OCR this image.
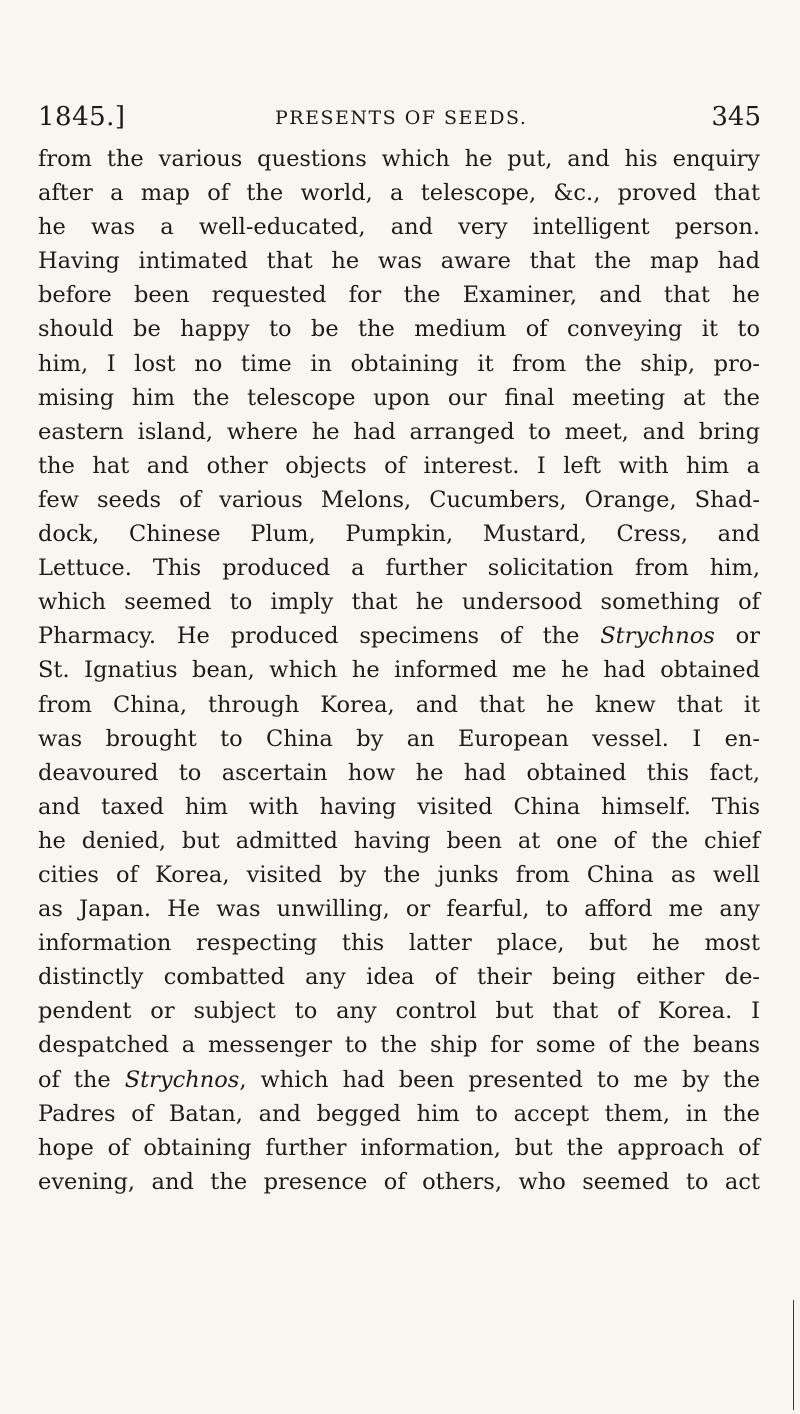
1845.]	PRESENTS OF SEEDS.	345
from the various questions which he put, and his enquiry
after a map of the world, a telescope, &c., proved that
he was a well-educated, and very intelligent person.
Having intimated that he was aware that the map had
before been requested for the Examiner, and that he
should be happy to be the medium of conveying it to
him, I lost no time in obtaining it from the ship, pro-
mising him the telescope upon our final meeting at the
eastern island, where he had arranged to meet, and bring
the hat and other objects of interest. I left with him a
few seeds of various Melons, Cucumbers, Orange, Shad-
dock, Chinese Plum, Pumpkin, Mustard, Cress, and
Lettuce. This produced a further solicitation from him,
which seemed to imply that he undersood something of
Pharmacy. He produced specimens of the Strychnos or
St. Ignatius bean, which he informed me he had obtained
from China, through Korea, and that he knew that it
was brought to China by an European vessel. I en-
deavoured to ascertain how he had obtained this fact,
and taxed him with having visited China himself. This
he denied, but admitted having been at one of the chief
cities of Korea, visited by the junks from China as well
as Japan. He was unwilling, or fearful, to afford me any
information respecting this latter place, but he most
distinctly combatted any idea of their being either de-
pendent or subject to any control but that of Korea. I
despatched a messenger to the ship for some of the beans
of the Strychnos, which had been presented to me by the
Padres of Batan, and begged him to accept them, in the
hope of obtaining further information, but the approach of
evening, and the presence of others, who seemed to act
